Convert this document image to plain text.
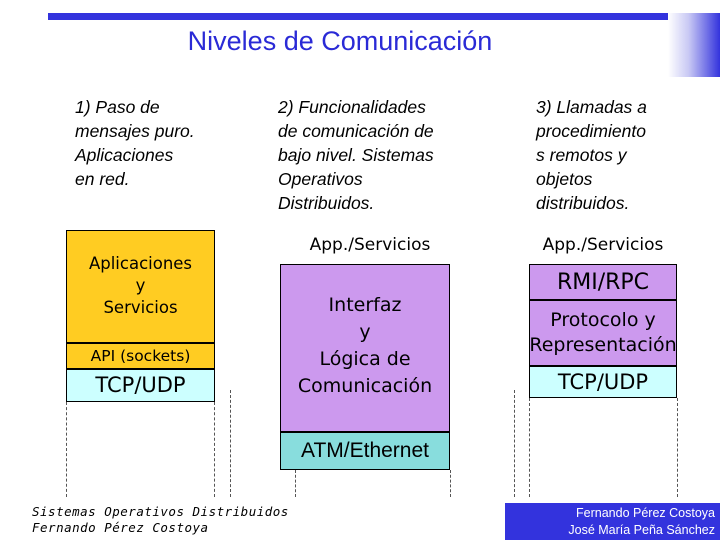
Niveles de Comunicación
1) Paso de
mensajes puro.
Aplicaciones
en red.
2) Funcionalidades
de comunicación de
bajo nivel. Sistemas
Operativos
Distribuidos.
3) Llamadas a
procedimiento
s remotos y
objetos
distribuidos.
Aplicaciones
y
Servicios
API (sockets)
TCP/UDP
App./Servicios
Interfaz
y
Lógica de
Comunicación
App./Servicios
RMI/RPC
Protocolo y
Representación
TCP/UDP
ATM/Ethernet
Sistemas Operativos Distribuidos
Fernando Pérez Costoya
Fernando Pérez Costoya
José María Peña Sánchez
